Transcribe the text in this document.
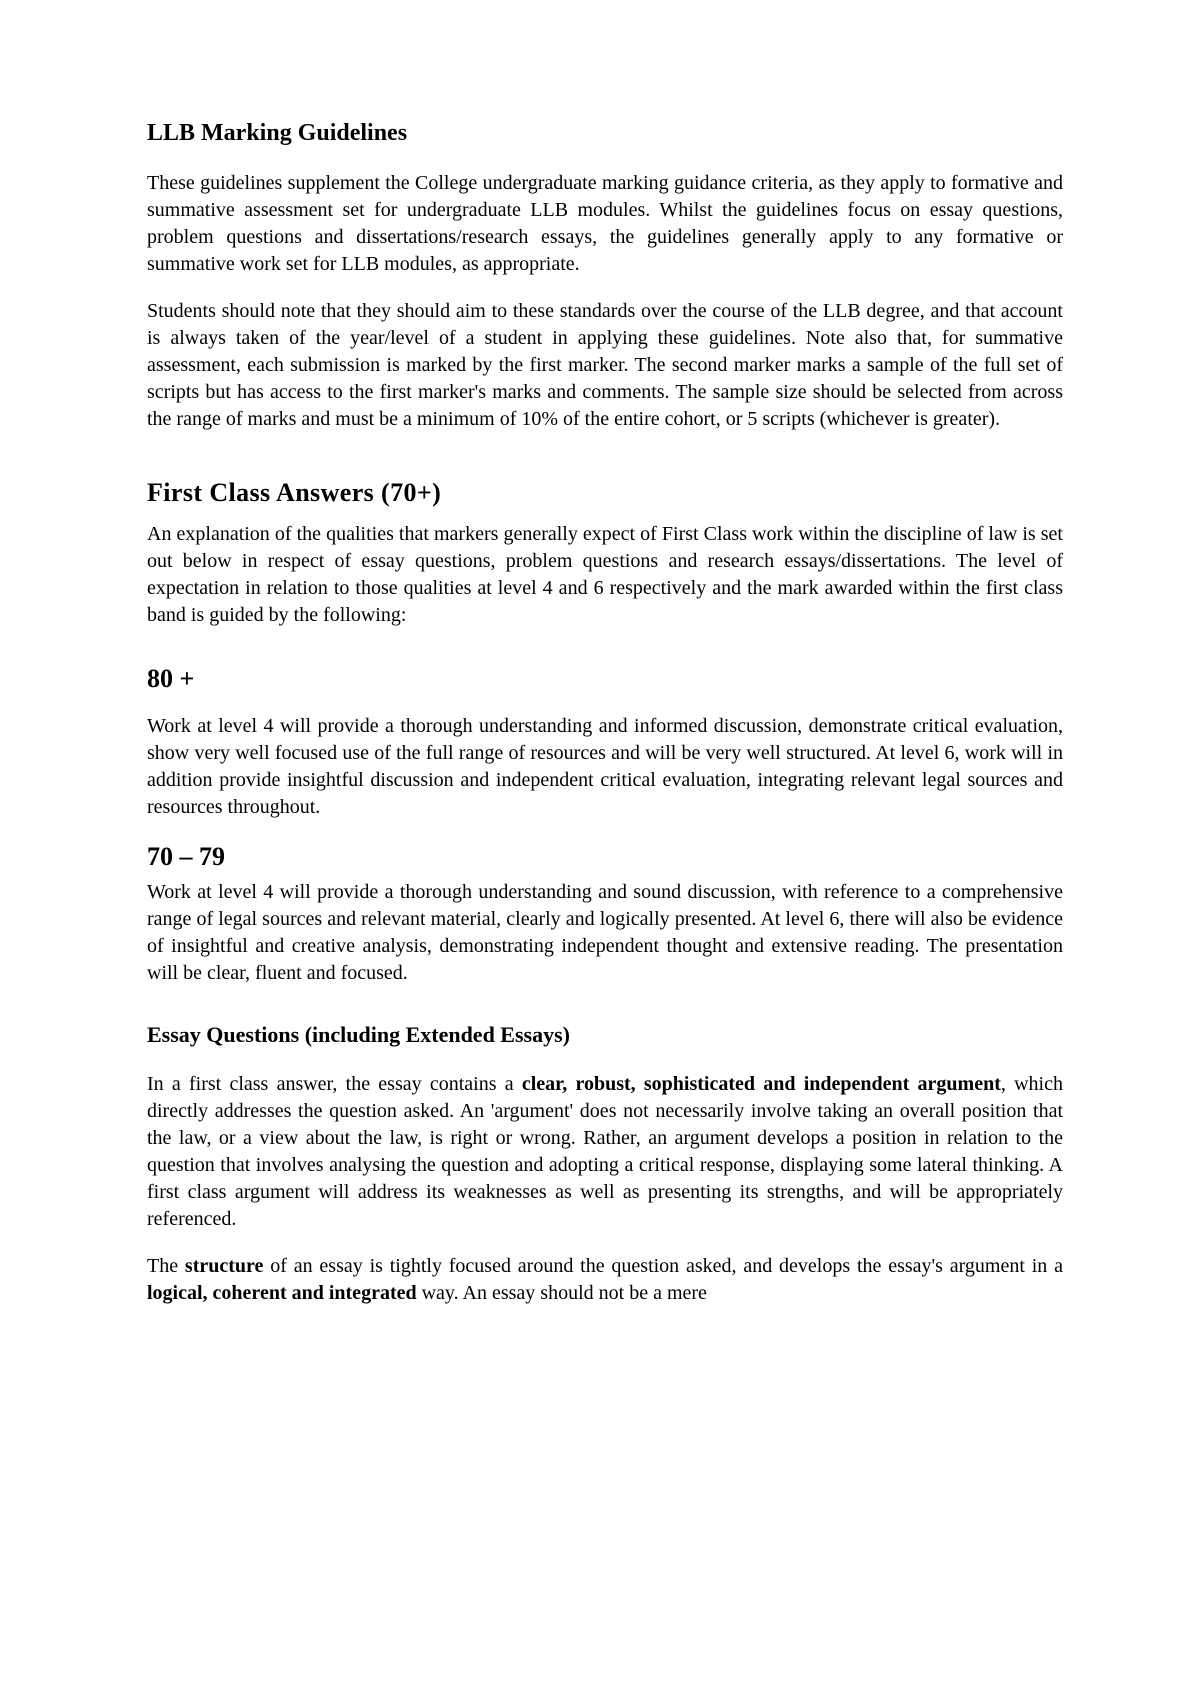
LLB Marking Guidelines

These guidelines supplement the College undergraduate marking guidance criteria, as they apply to formative and summative assessment set for undergraduate LLB modules. Whilst the guidelines focus on essay questions, problem questions and dissertations/research essays, the guidelines generally apply to any formative or summative work set for LLB modules, as appropriate.

Students should note that they should aim to these standards over the course of the LLB degree, and that account is always taken of the year/level of a student in applying these guidelines. Note also that, for summative assessment, each submission is marked by the first marker. The second marker marks a sample of the full set of scripts but has access to the first marker's marks and comments. The sample size should be selected from across the range of marks and must be a minimum of 10% of the entire cohort, or 5 scripts (whichever is greater).

First Class Answers (70+)

An explanation of the qualities that markers generally expect of First Class work within the discipline of law is set out below in respect of essay questions, problem questions and research essays/dissertations. The level of expectation in relation to those qualities at level 4 and 6 respectively and the mark awarded within the first class band is guided by the following:

80 +

Work at level 4 will provide a thorough understanding and informed discussion, demonstrate critical evaluation, show very well focused use of the full range of resources and will be very well structured. At level 6, work will in addition provide insightful discussion and independent critical evaluation, integrating relevant legal sources and resources throughout.

70 – 79

Work at level 4 will provide a thorough understanding and sound discussion, with reference to a comprehensive range of legal sources and relevant material, clearly and logically presented. At level 6, there will also be evidence of insightful and creative analysis, demonstrating independent thought and extensive reading. The presentation will be clear, fluent and focused.

Essay Questions (including Extended Essays)

In a first class answer, the essay contains a clear, robust, sophisticated and independent argument, which directly addresses the question asked. An 'argument' does not necessarily involve taking an overall position that the law, or a view about the law, is right or wrong. Rather, an argument develops a position in relation to the question that involves analysing the question and adopting a critical response, displaying some lateral thinking. A first class argument will address its weaknesses as well as presenting its strengths, and will be appropriately referenced.

The structure of an essay is tightly focused around the question asked, and develops the essay's argument in a logical, coherent and integrated way. An essay should not be a mere
